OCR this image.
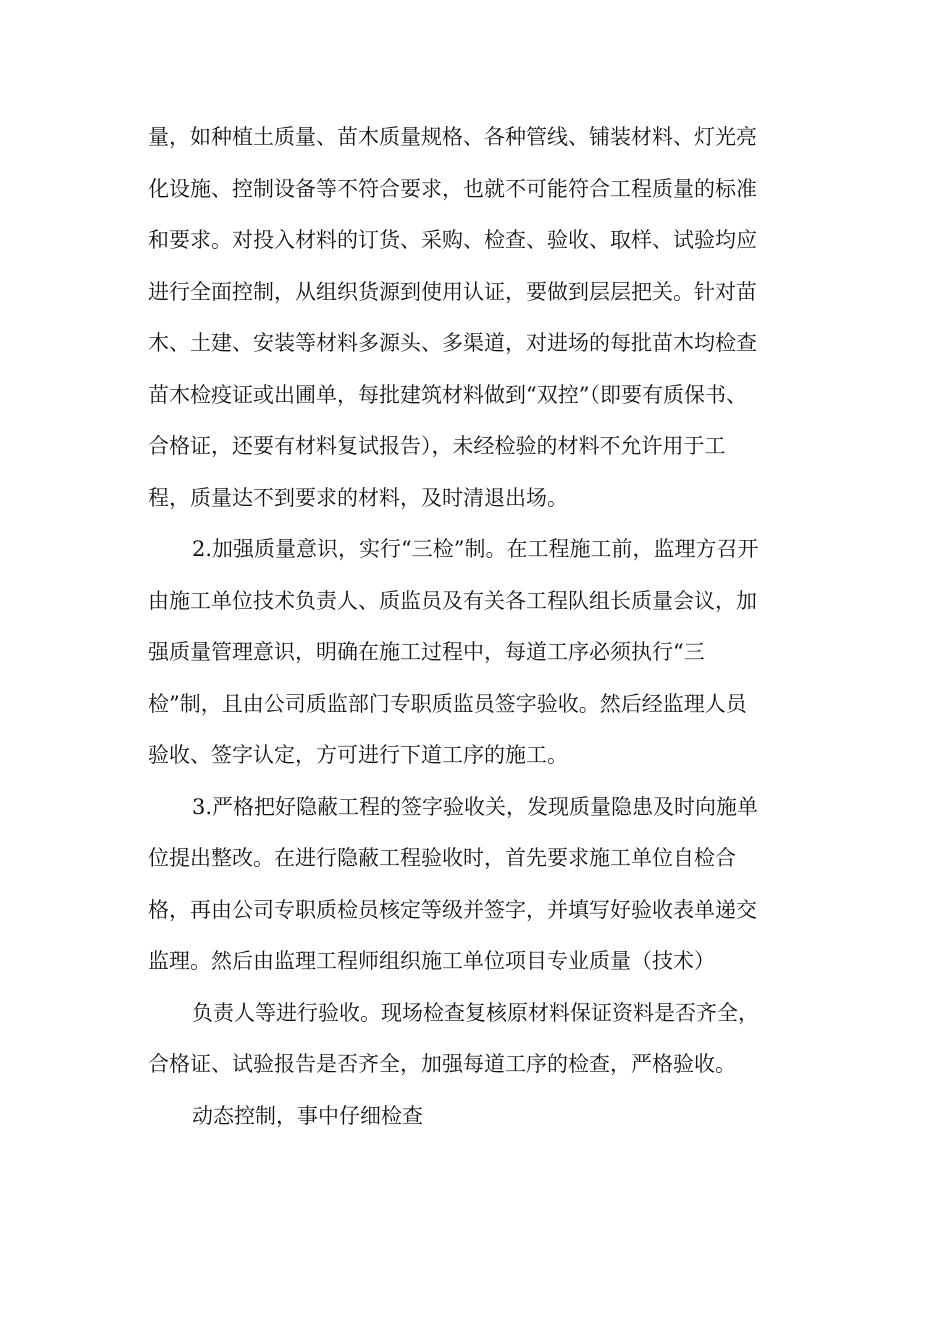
量，如种植土质量、苗木质量规格、各种管线、铺装材料、灯光亮
化设施、控制设备等不符合要求，也就不可能符合工程质量的标准
和要求。对投入材料的订货、采购、检查、验收、取样、试验均应
进行全面控制，从组织货源到使用认证，要做到层层把关。针对苗
木、土建、安装等材料多源头、多渠道，对进场的每批苗木均检查
苗木检疫证或出圃单，每批建筑材料做到“双控”（即要有质保书、
合格证，还要有材料复试报告），未经检验的材料不允许用于工
程，质量达不到要求的材料，及时清退出场。
2.加强质量意识，实行“三检”制。在工程施工前，监理方召开
由施工单位技术负责人、质监员及有关各工程队组长质量会议，加
强质量管理意识，明确在施工过程中，每道工序必须执行“三
检”制，且由公司质监部门专职质监员签字验收。然后经监理人员
验收、签字认定，方可进行下道工序的施工。
3.严格把好隐蔽工程的签字验收关，发现质量隐患及时向施单
位提出整改。在进行隐蔽工程验收时，首先要求施工单位自检合
格，再由公司专职质检员核定等级并签字，并填写好验收表单递交
监理。然后由监理工程师组织施工单位项目专业质量（技术）
负责人等进行验收。现场检查复核原材料保证资料是否齐全，
合格证、试验报告是否齐全，加强每道工序的检查，严格验收。
动态控制，事中仔细检查
